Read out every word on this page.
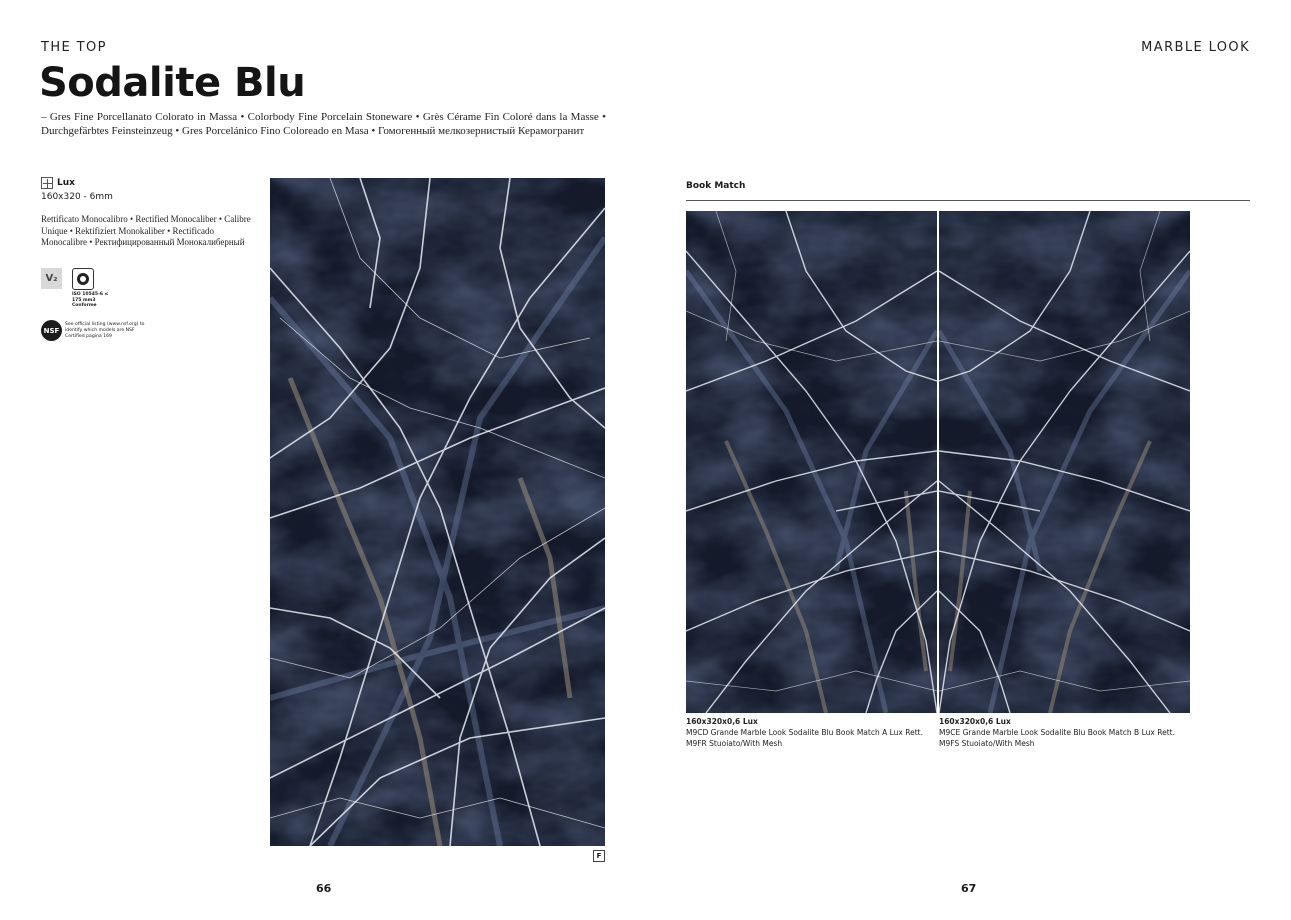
THE TOP	MARBLE LOOK
Sodalite Blu

– Gres Fine Porcellanato Colorato in Massa • Colorbody Fine Porcelain Stoneware • Grès Cérame Fin Coloré dans la Masse • Durchgefärbtes Feinsteinzeug • Gres Porcelánico Fino Coloreado en Masa • Гомогенный мелкозернистый Керамогранит

Lux
160x320 - 6mm

Rettificato Monocalibro • Rectified Monocaliber • Calibre Unique • Rektifiziert Monokaliber • Rectificado Monocalibre • Ректифицированный Монокалиберный

V₂
ISO 10545-6 ≤ 175 mm3 Conforme
NSF
See official listing (www.nsf.org) to identify which models are NSF Certified pagina 169
F
Book Match
160x320x0,6 Lux
M9CD Grande Marble Look Sodalite Blu Book Match A Lux Rett.
M9FR Stuoiato/With Mesh
160x320x0,6 Lux
M9CE Grande Marble Look Sodalite Blu Book Match B Lux Rett.
M9FS Stuoiato/With Mesh
66	67
